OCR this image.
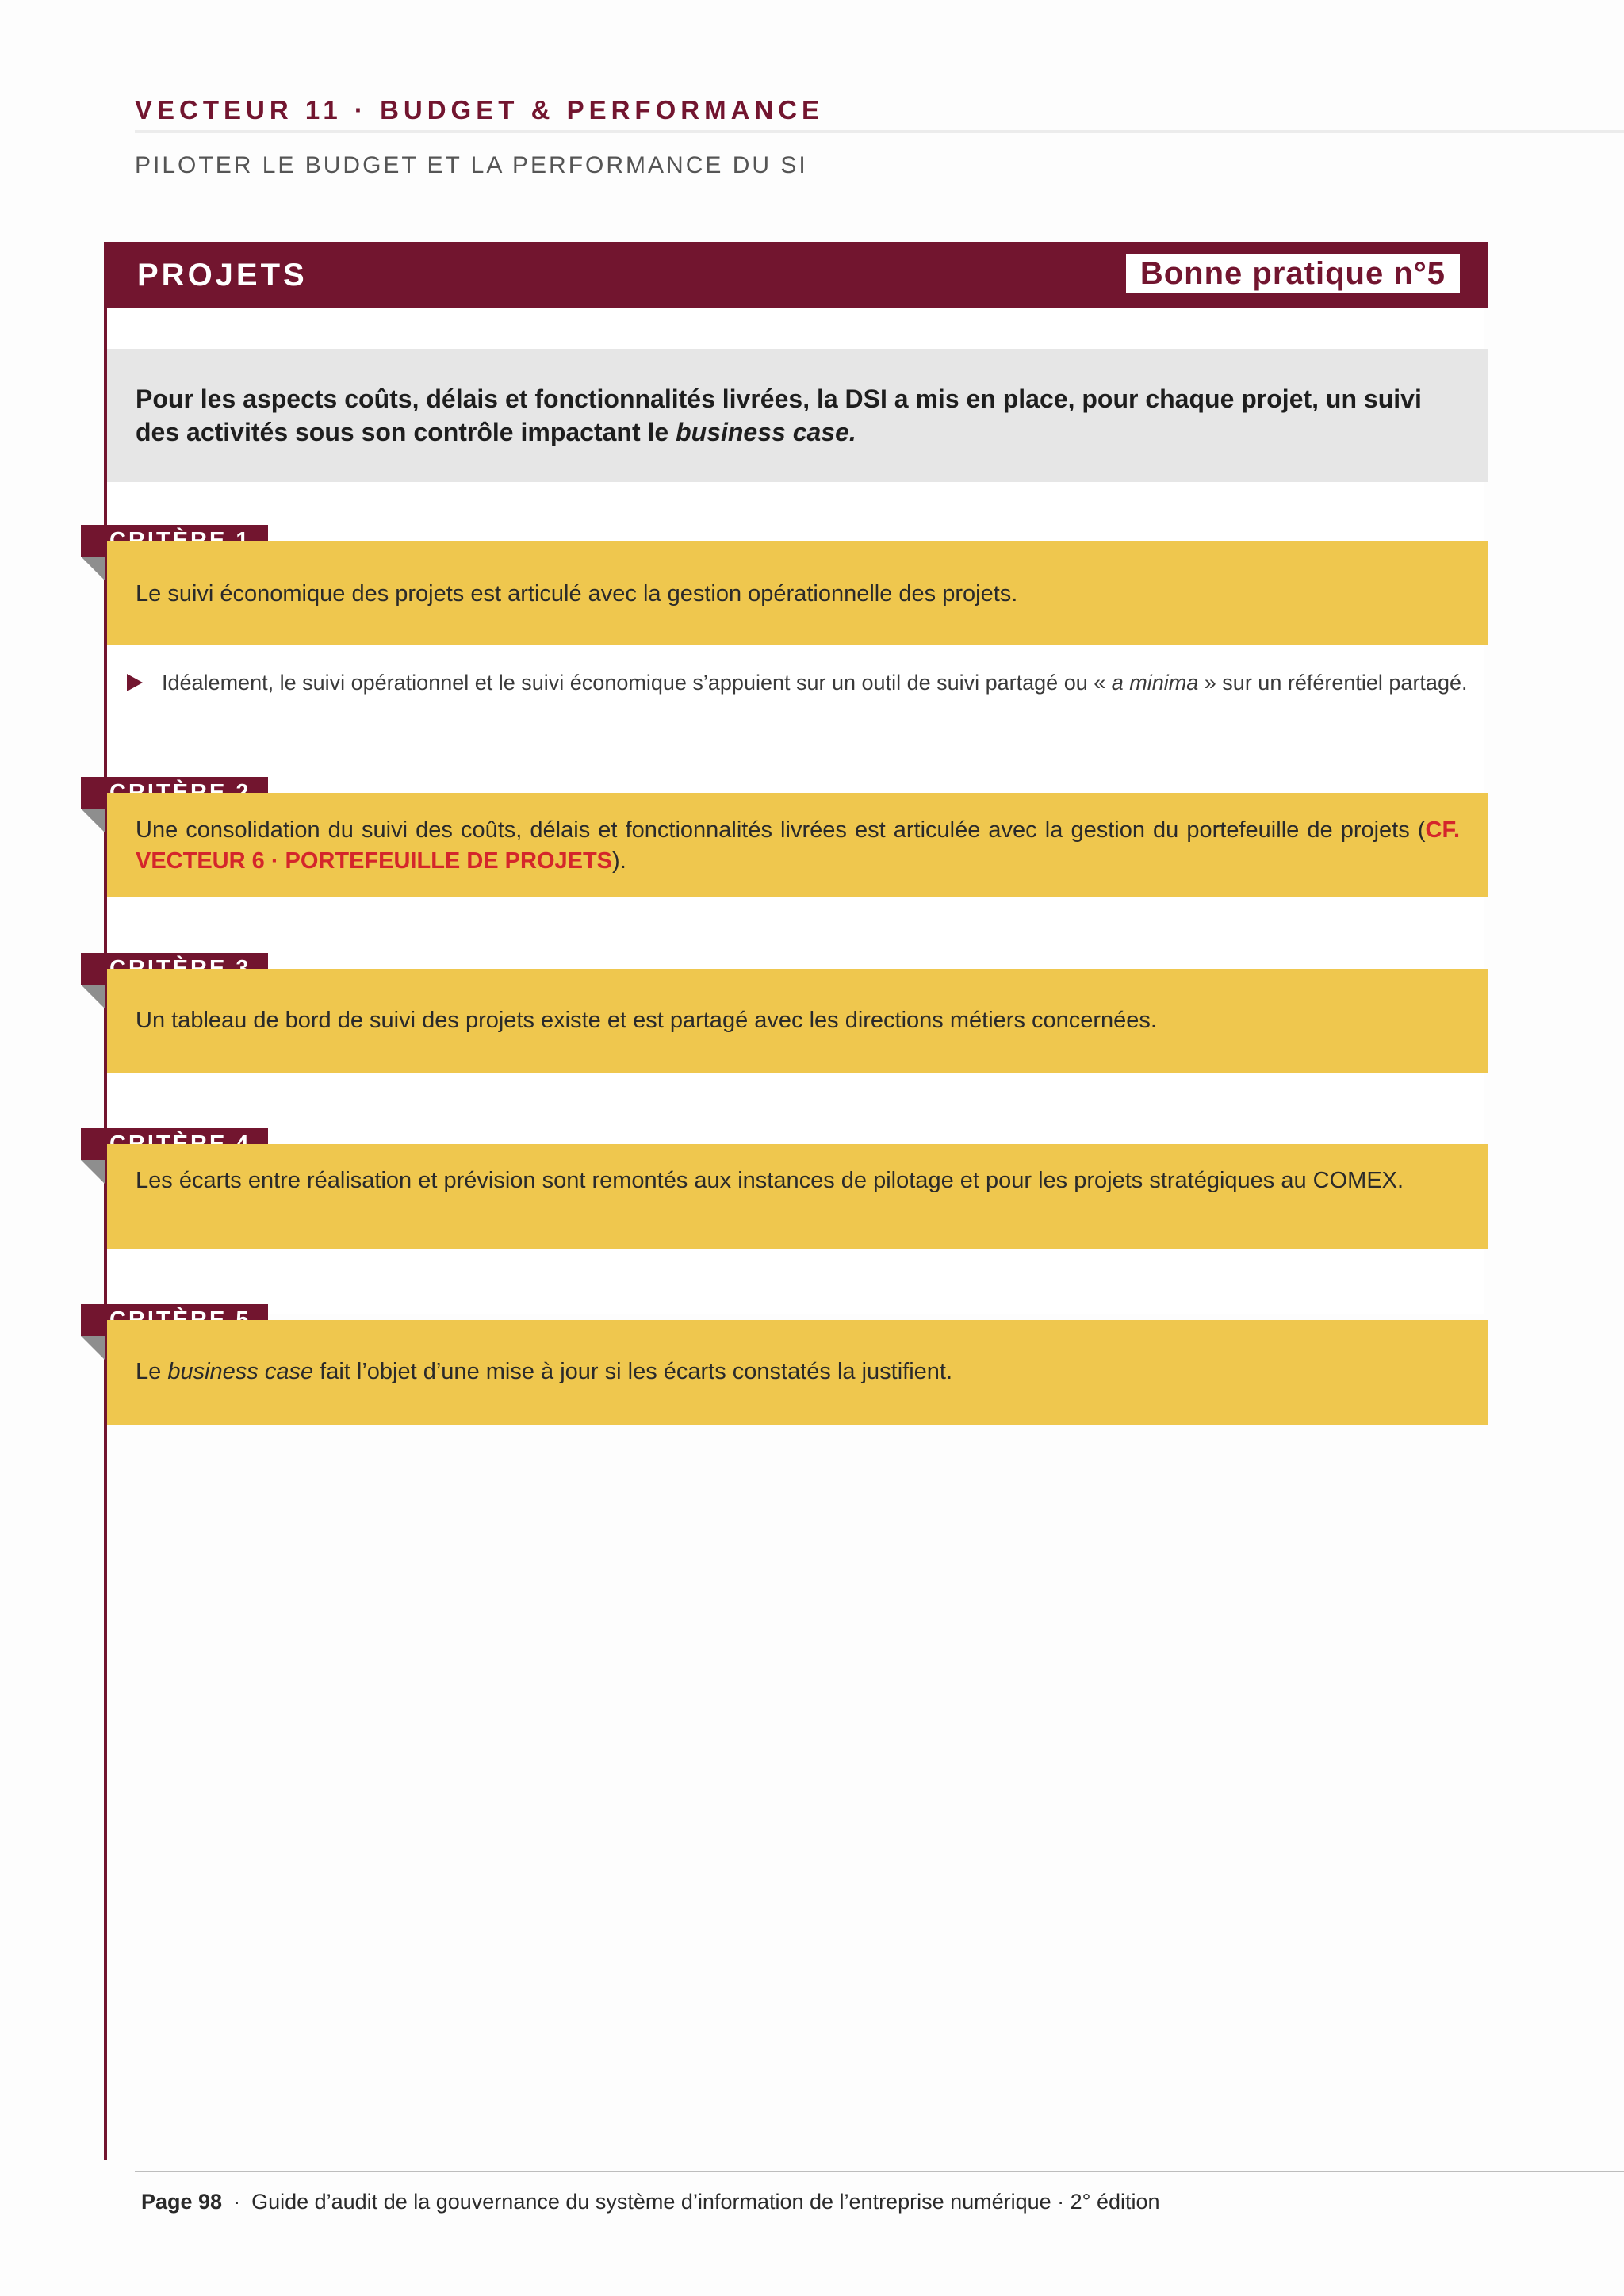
VECTEUR 11 · BUDGET & PERFORMANCE
PILOTER LE BUDGET ET LA PERFORMANCE DU SI
PROJETS	Bonne pratique n°5

Pour les aspects coûts, délais et fonctionnalités livrées, la DSI a mis en place, pour chaque projet, un suivi des activités sous son contrôle impactant le business case.

Le suivi économique des projets est articulé avec la gestion opérationnelle des projets.

Idéalement, le suivi opérationnel et le suivi économique s’appuient sur un outil de suivi partagé ou « a minima » sur un référentiel partagé.

Une consolidation du suivi des coûts, délais et fonctionnalités livrées est articulée avec la gestion du portefeuille de projets (CF. VECTEUR 6 · PORTEFEUILLE DE PROJETS).

Un tableau de bord de suivi des projets existe et est partagé avec les directions métiers concernées.

Les écarts entre réalisation et prévision sont remontés aux instances de pilotage et pour les projets stratégiques au COMEX.

Le business case fait l’objet d’une mise à jour si les écarts constatés la justifient.

Page 98 · Guide d’audit de la gouvernance du système d’information de l’entreprise numérique · 2° édition
